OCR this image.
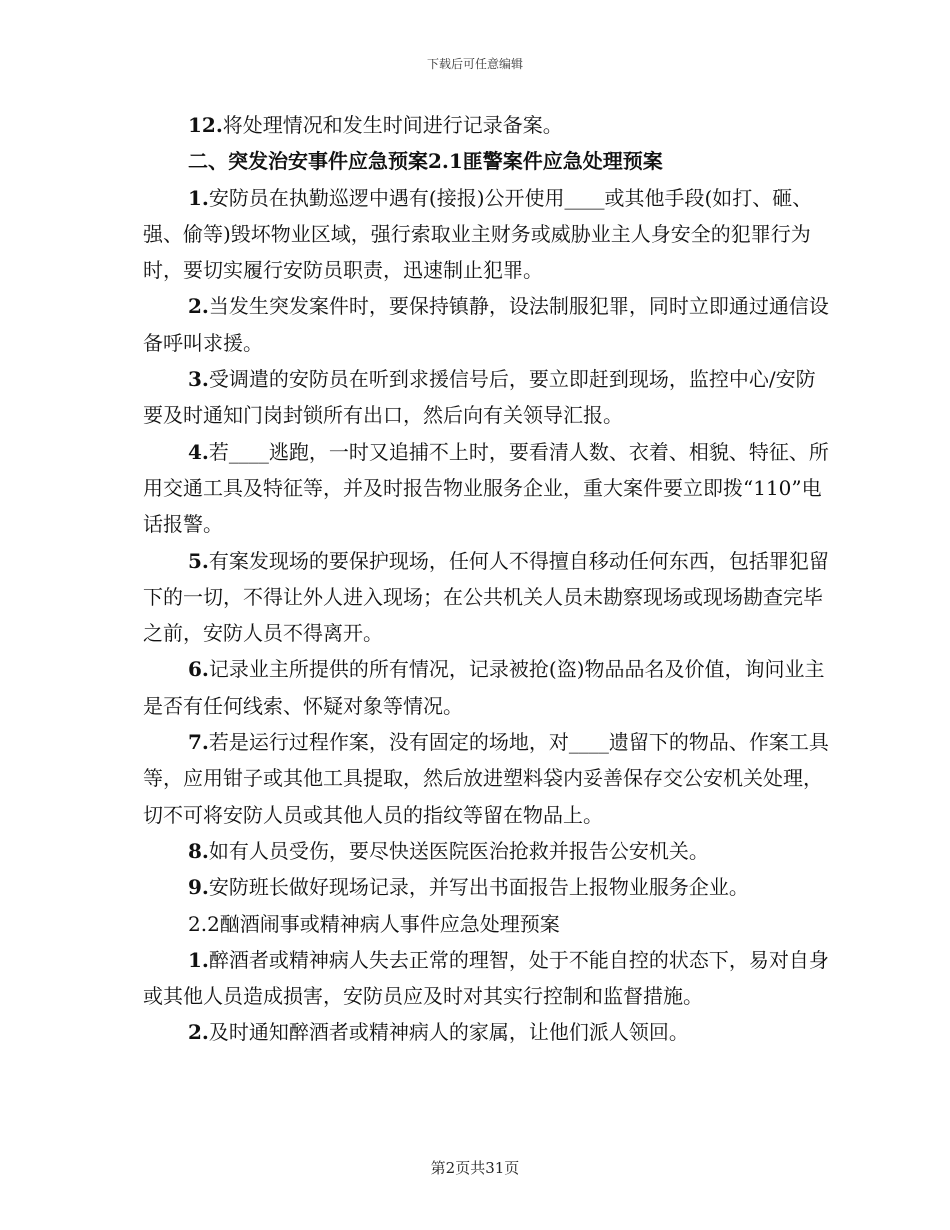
下载后可任意编辑

12.将处理情况和发生时间进行记录备案。

二、突发治安事件应急预案2.1匪警案件应急处理预案

1.安防员在执勤巡逻中遇有(接报)公开使用____或其他手段(如打、砸、强、偷等)毁坏物业区域，强行索取业主财务或威胁业主人身安全的犯罪行为时，要切实履行安防员职责，迅速制止犯罪。

2.当发生突发案件时，要保持镇静，设法制服犯罪，同时立即通过通信设备呼叫求援。

3.受调遣的安防员在听到求援信号后，要立即赶到现场，监控中心/安防要及时通知门岗封锁所有出口，然后向有关领导汇报。

4.若____逃跑，一时又追捕不上时，要看清人数、衣着、相貌、特征、所用交通工具及特征等，并及时报告物业服务企业，重大案件要立即拨“110”电话报警。

5.有案发现场的要保护现场，任何人不得擅自移动任何东西，包括罪犯留下的一切，不得让外人进入现场；在公共机关人员未勘察现场或现场勘查完毕之前，安防人员不得离开。

6.记录业主所提供的所有情况，记录被抢(盗)物品品名及价值，询问业主是否有任何线索、怀疑对象等情况。

7.若是运行过程作案，没有固定的场地，对____遗留下的物品、作案工具等，应用钳子或其他工具提取，然后放进塑料袋内妥善保存交公安机关处理，切不可将安防人员或其他人员的指纹等留在物品上。

8.如有人员受伤，要尽快送医院医治抢救并报告公安机关。

9.安防班长做好现场记录，并写出书面报告上报物业服务企业。

2.2酗酒闹事或精神病人事件应急处理预案

1.醉酒者或精神病人失去正常的理智，处于不能自控的状态下，易对自身或其他人员造成损害，安防员应及时对其实行控制和监督措施。

2.及时通知醉酒者或精神病人的家属，让他们派人领回。

第2页共31页
